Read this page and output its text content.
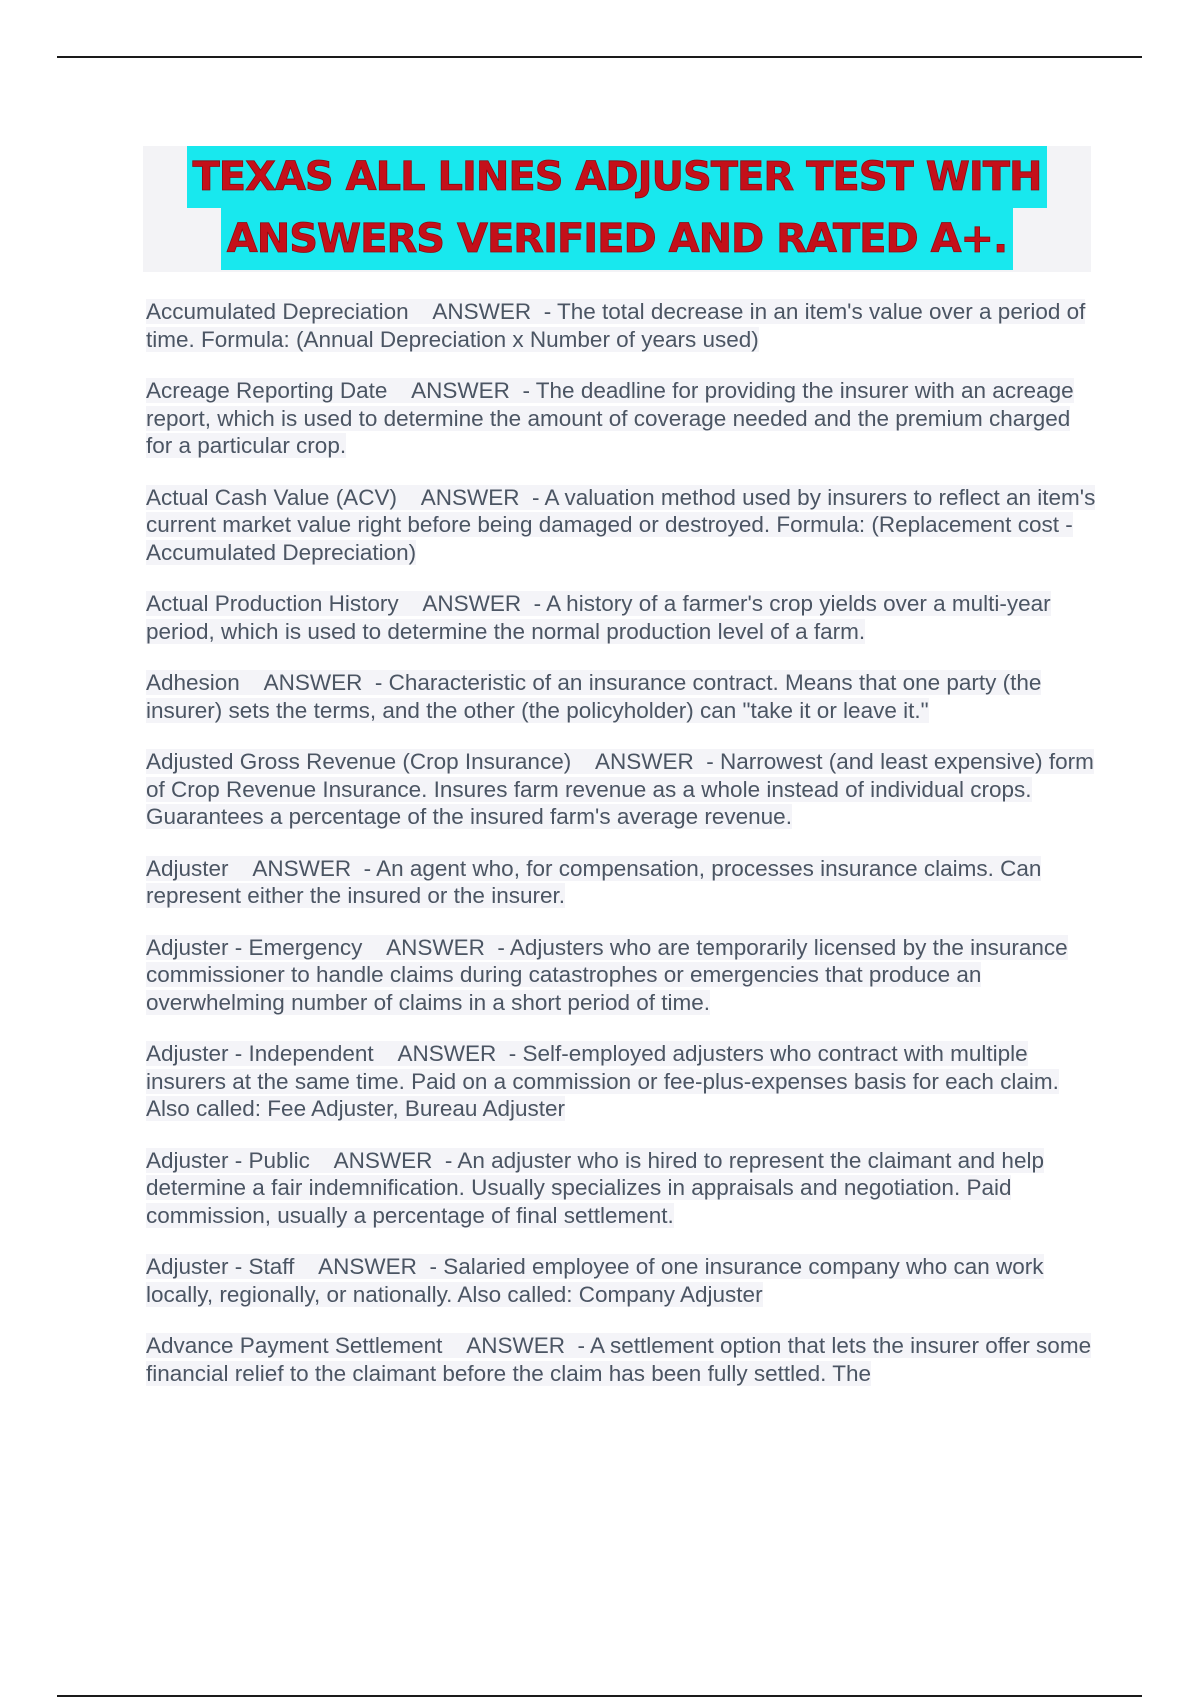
TEXAS ALL LINES ADJUSTER TEST WITH
ANSWERS VERIFIED AND RATED A+.

Accumulated Depreciation ANSWER - The total decrease in an item's value over a period of time. Formula: (Annual Depreciation x Number of years used)

Acreage Reporting Date ANSWER - The deadline for providing the insurer with an acreage report, which is used to determine the amount of coverage needed and the premium charged for a particular crop.

Actual Cash Value (ACV) ANSWER - A valuation method used by insurers to reflect an item's current market value right before being damaged or destroyed. Formula: (Replacement cost - Accumulated Depreciation)

Actual Production History ANSWER - A history of a farmer's crop yields over a multi-year period, which is used to determine the normal production level of a farm.

Adhesion ANSWER - Characteristic of an insurance contract. Means that one party (the insurer) sets the terms, and the other (the policyholder) can "take it or leave it."

Adjusted Gross Revenue (Crop Insurance) ANSWER - Narrowest (and least expensive) form of Crop Revenue Insurance. Insures farm revenue as a whole instead of individual crops. Guarantees a percentage of the insured farm's average revenue.

Adjuster ANSWER - An agent who, for compensation, processes insurance claims. Can represent either the insured or the insurer.

Adjuster - Emergency ANSWER - Adjusters who are temporarily licensed by the insurance commissioner to handle claims during catastrophes or emergencies that produce an overwhelming number of claims in a short period of time.

Adjuster - Independent ANSWER - Self-employed adjusters who contract with multiple insurers at the same time. Paid on a commission or fee-plus-expenses basis for each claim. Also called: Fee Adjuster, Bureau Adjuster

Adjuster - Public ANSWER - An adjuster who is hired to represent the claimant and help determine a fair indemnification. Usually specializes in appraisals and negotiation. Paid commission, usually a percentage of final settlement.

Adjuster - Staff ANSWER - Salaried employee of one insurance company who can work locally, regionally, or nationally. Also called: Company Adjuster

Advance Payment Settlement ANSWER - A settlement option that lets the insurer offer some financial relief to the claimant before the claim has been fully settled. The
